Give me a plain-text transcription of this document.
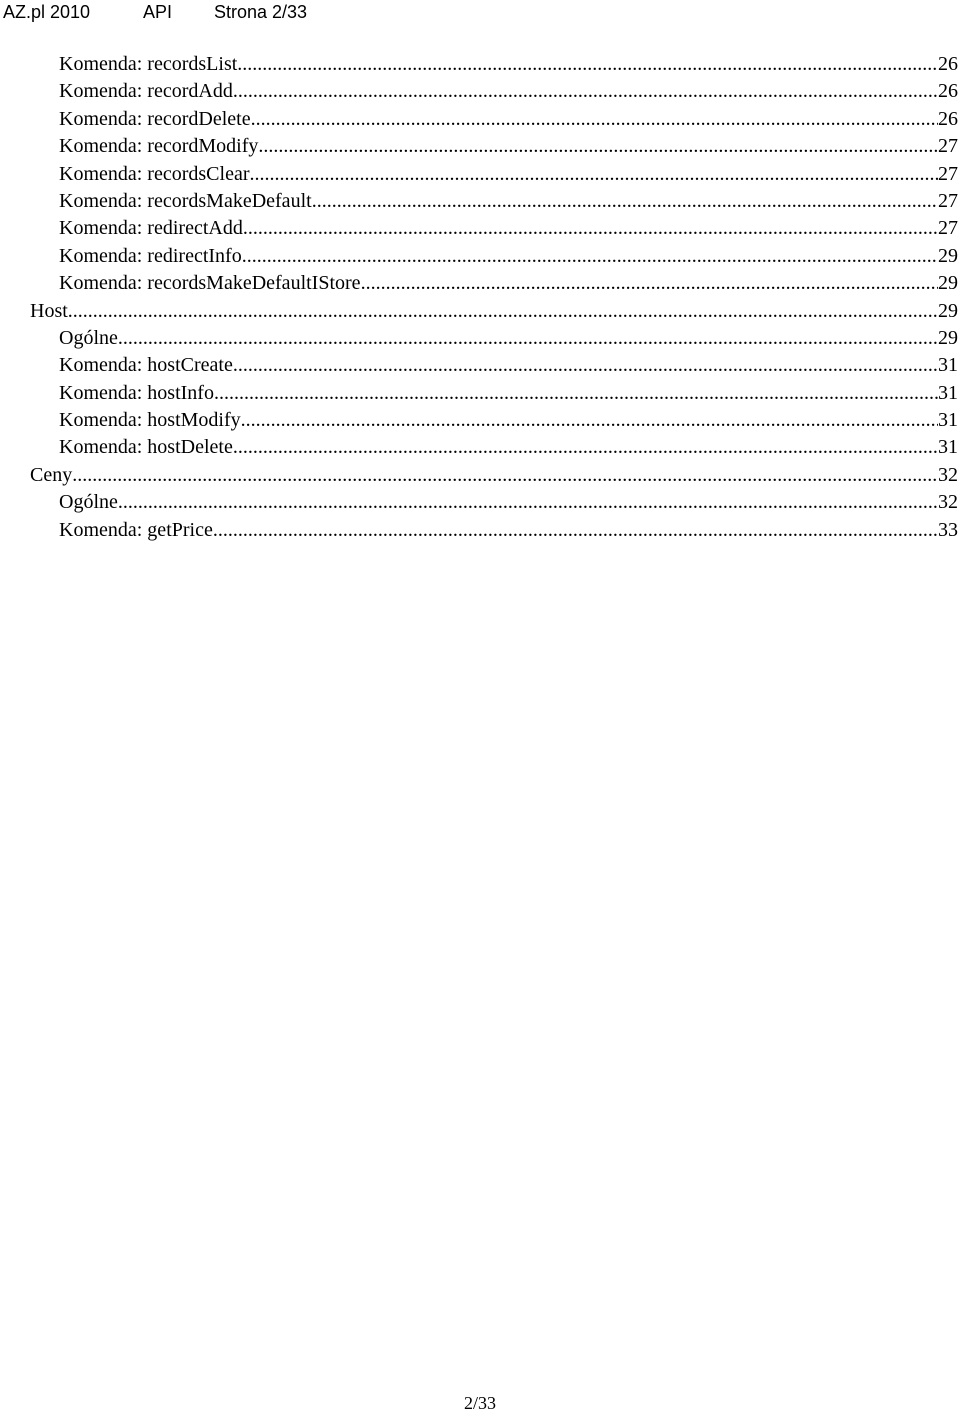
AZ.pl 2010	API Strona 2/33
Komenda: recordsList .....	26
Komenda: recordAdd .....	26
Komenda: recordDelete .....	26
Komenda: recordModify .....	27
Komenda: recordsClear .....	27
Komenda: recordsMakeDefault .....	27
Komenda: redirectAdd .....	27
Komenda: redirectInfo .....	29
Komenda: recordsMakeDefaultIStore .....	29
Host .....	29
Ogólne .....	29
Komenda: hostCreate .....	31
Komenda: hostInfo .....	31
Komenda: hostModify .....	31
Komenda: hostDelete .....	31
Ceny .....	32
Ogólne .....	32
Komenda: getPrice .....	33
2/33
